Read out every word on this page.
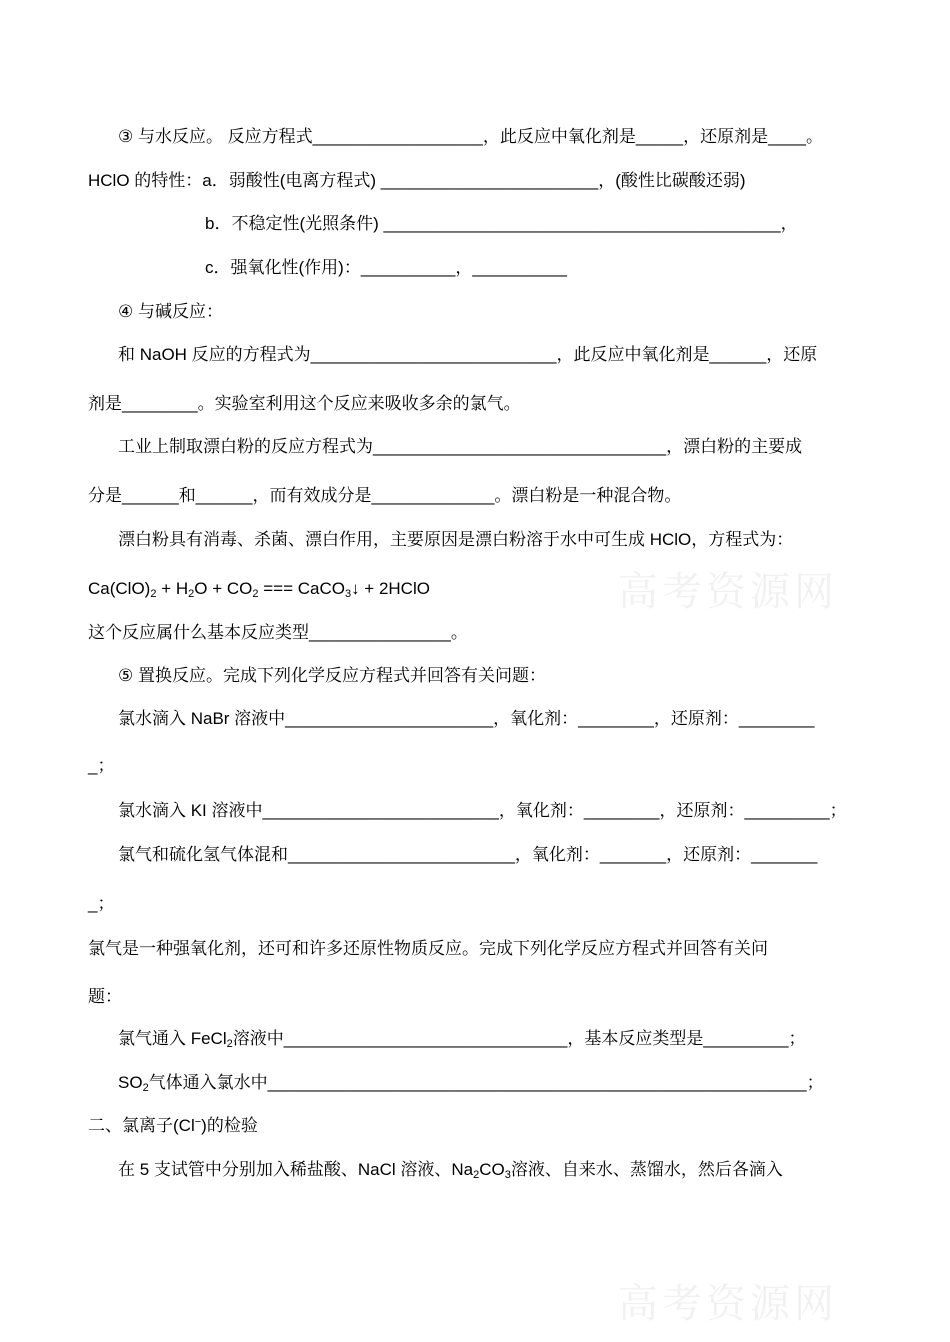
高考资源网
高考资源网
③ 与水反应。 反应方程式__________________，此反应中氧化剂是_____，还原剂是____。
HClO 的特性：a．弱酸性(电离方程式) _______________________，(酸性比碳酸还弱)
b．不稳定性(光照条件) __________________________________________，
c．强氧化性(作用)：__________，__________
④ 与碱反应：
和 NaOH 反应的方程式为__________________________，此反应中氧化剂是______，还原
剂是________。实验室利用这个反应来吸收多余的氯气。
工业上制取漂白粉的反应方程式为_______________________________，漂白粉的主要成
分是______和______，而有效成分是_____________。漂白粉是一种混合物。
漂白粉具有消毒、杀菌、漂白作用，主要原因是漂白粉溶于水中可生成 HClO，方程式为：
$Ca(ClO)_2 + H_2O + CO_2$ === CaCO$_3$↓ + 2HClO
这个反应属什么基本反应类型_______________。
⑤ 置换反应。完成下列化学反应方程式并回答有关问题：
氯水滴入 NaBr 溶液中______________________，氧化剂：________，还原剂：________
_；
氯水滴入 KI 溶液中_________________________，氧化剂：________，还原剂：_________；
氯气和硫化氢气体混和________________________，氧化剂：_______，还原剂：_______
_；
氯气是一种强氧化剂，还可和许多还原性物质反应。完成下列化学反应方程式并回答有关问
题：
氯气通入 FeCl$_2$溶液中______________________________，基本反应类型是_________；
$SO_2$气体通入氯水中_________________________________________________________；
二、氯离子(Cl−)的检验
在 5 支试管中分别加入稀盐酸、NaCl 溶液、$Na_2CO_3$溶液、自来水、蒸馏水，然后各滴入
